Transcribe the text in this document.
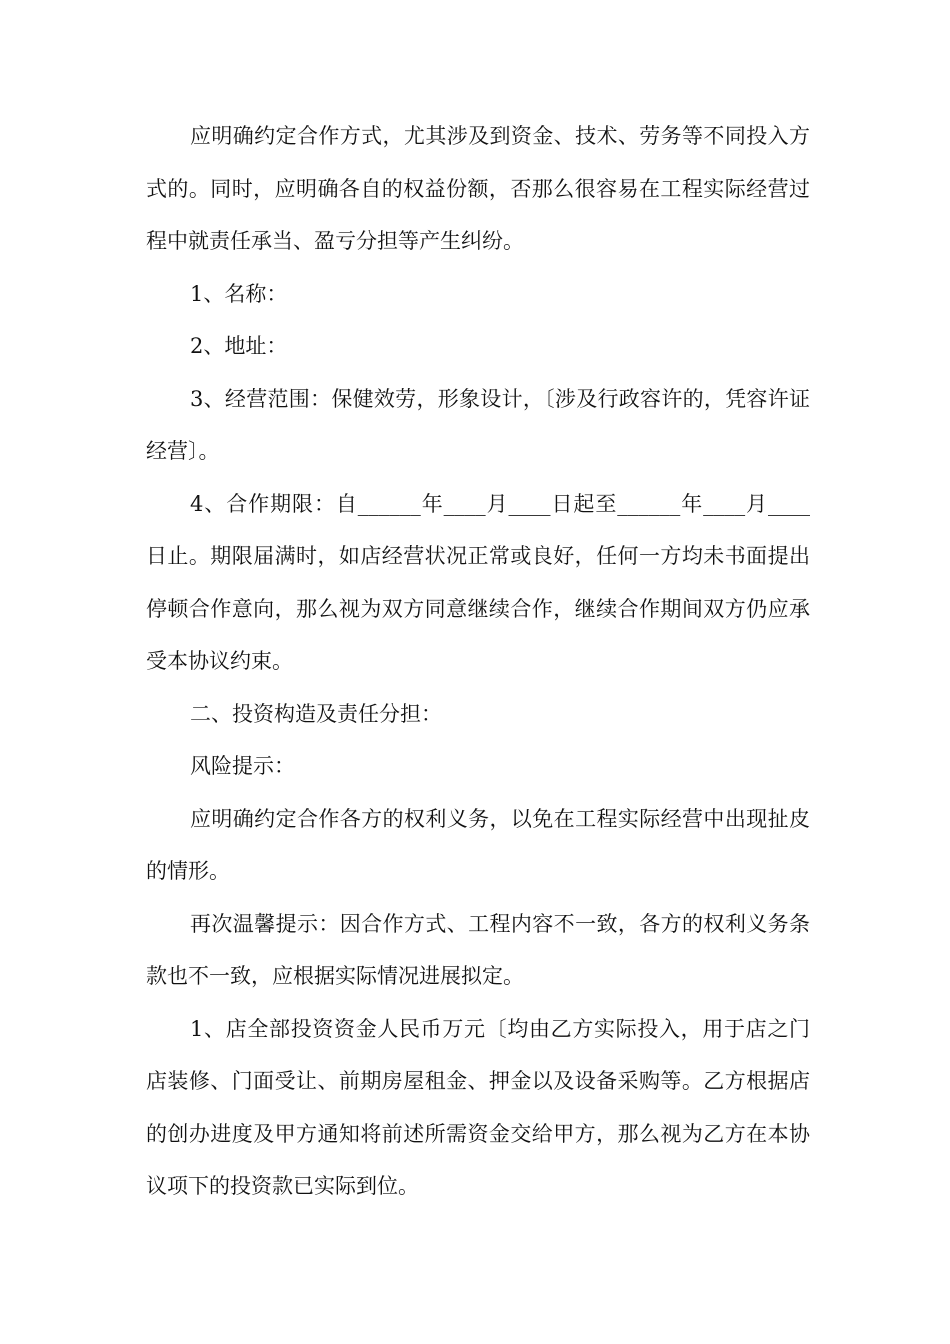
应明确约定合作方式，尤其涉及到资金、技术、劳务等不同投入方式的。同时，应明确各自的权益份额，否那么很容易在工程实际经营过程中就责任承当、盈亏分担等产生纠纷。

1、名称：

2、地址：

3、经营范围：保健效劳，形象设计，〔涉及行政容许的，凭容许证经营〕。

4、合作期限：自______年____月____日起至______年____月____日止。期限届满时，如店经营状况正常或良好，任何一方均未书面提出停顿合作意向，那么视为双方同意继续合作，继续合作期间双方仍应承受本协议约束。

二、投资构造及责任分担：

风险提示：

应明确约定合作各方的权利义务，以免在工程实际经营中出现扯皮的情形。

再次温馨提示：因合作方式、工程内容不一致，各方的权利义务条款也不一致，应根据实际情况进展拟定。

1、店全部投资资金人民币万元〔均由乙方实际投入，用于店之门店装修、门面受让、前期房屋租金、押金以及设备采购等。乙方根据店的创办进度及甲方通知将前述所需资金交给甲方，那么视为乙方在本协议项下的投资款已实际到位。
